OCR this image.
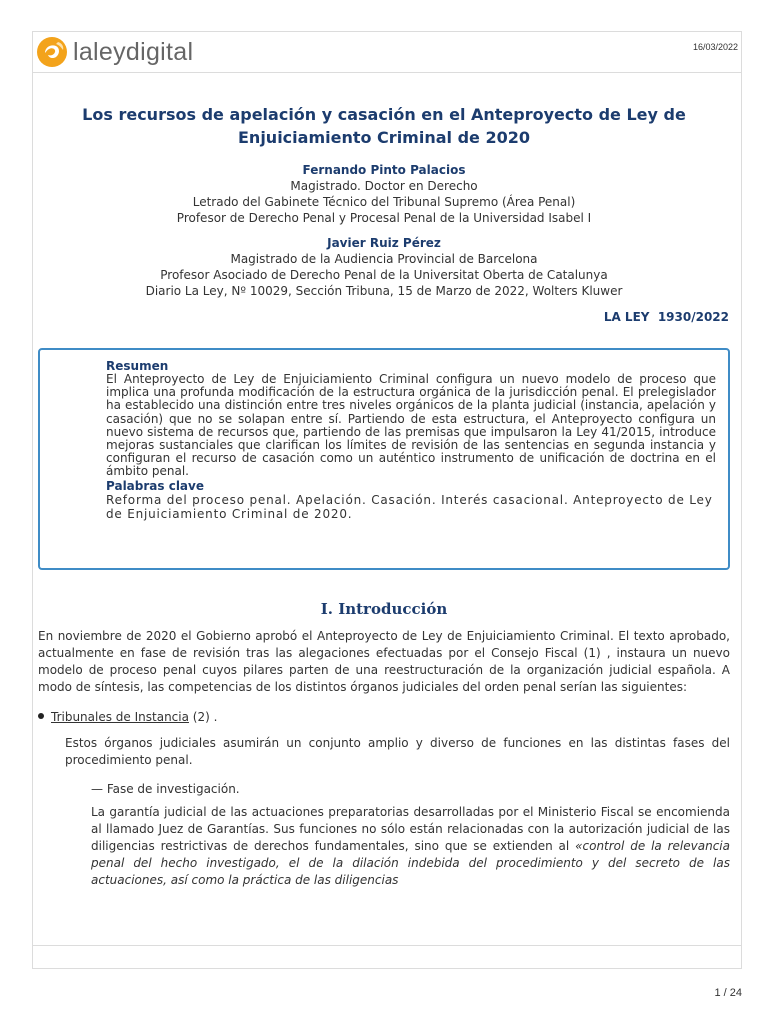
laleydigital	16/03/2022
Los recursos de apelación y casación en el Anteproyecto de Ley de Enjuiciamiento Criminal de 2020
Fernando Pinto Palacios
Magistrado. Doctor en Derecho
Letrado del Gabinete Técnico del Tribunal Supremo (Área Penal)
Profesor de Derecho Penal y Procesal Penal de la Universidad Isabel I
Javier Ruiz Pérez
Magistrado de la Audiencia Provincial de Barcelona
Profesor Asociado de Derecho Penal de la Universitat Oberta de Catalunya
Diario La Ley, Nº 10029, Sección Tribuna, 15 de Marzo de 2022, Wolters Kluwer
LA LEY  1930/2022
Resumen
El Anteproyecto de Ley de Enjuiciamiento Criminal configura un nuevo modelo de proceso que implica una profunda modificación de la estructura orgánica de la jurisdicción penal. El prelegislador ha establecido una distinción entre tres niveles orgánicos de la planta judicial (instancia, apelación y casación) que no se solapan entre sí. Partiendo de esta estructura, el Anteproyecto configura un nuevo sistema de recursos que, partiendo de las premisas que impulsaron la Ley 41/2015, introduce mejoras sustanciales que clarifican los límites de revisión de las sentencias en segunda instancia y configuran el recurso de casación como un auténtico instrumento de unificación de doctrina en el ámbito penal.
Palabras clave
Reforma del proceso penal. Apelación. Casación. Interés casacional. Anteproyecto de Ley de Enjuiciamiento Criminal de 2020.
I. Introducción

En noviembre de 2020 el Gobierno aprobó el Anteproyecto de Ley de Enjuiciamiento Criminal. El texto aprobado, actualmente en fase de revisión tras las alegaciones efectuadas por el Consejo Fiscal (1) , instaura un nuevo modelo de proceso penal cuyos pilares parten de una reestructuración de la organización judicial española. A modo de síntesis, las competencias de los distintos órganos judiciales del orden penal serían las siguientes:

Tribunales de Instancia (2) .

Estos órganos judiciales asumirán un conjunto amplio y diverso de funciones en las distintas fases del procedimiento penal.

— Fase de investigación.

La garantía judicial de las actuaciones preparatorias desarrolladas por el Ministerio Fiscal se encomienda al llamado Juez de Garantías. Sus funciones no sólo están relacionadas con la autorización judicial de las diligencias restrictivas de derechos fundamentales, sino que se extienden al «control de la relevancia penal del hecho investigado, el de la dilación indebida del procedimiento y del secreto de las actuaciones, así como la práctica de las diligencias

1 / 24
